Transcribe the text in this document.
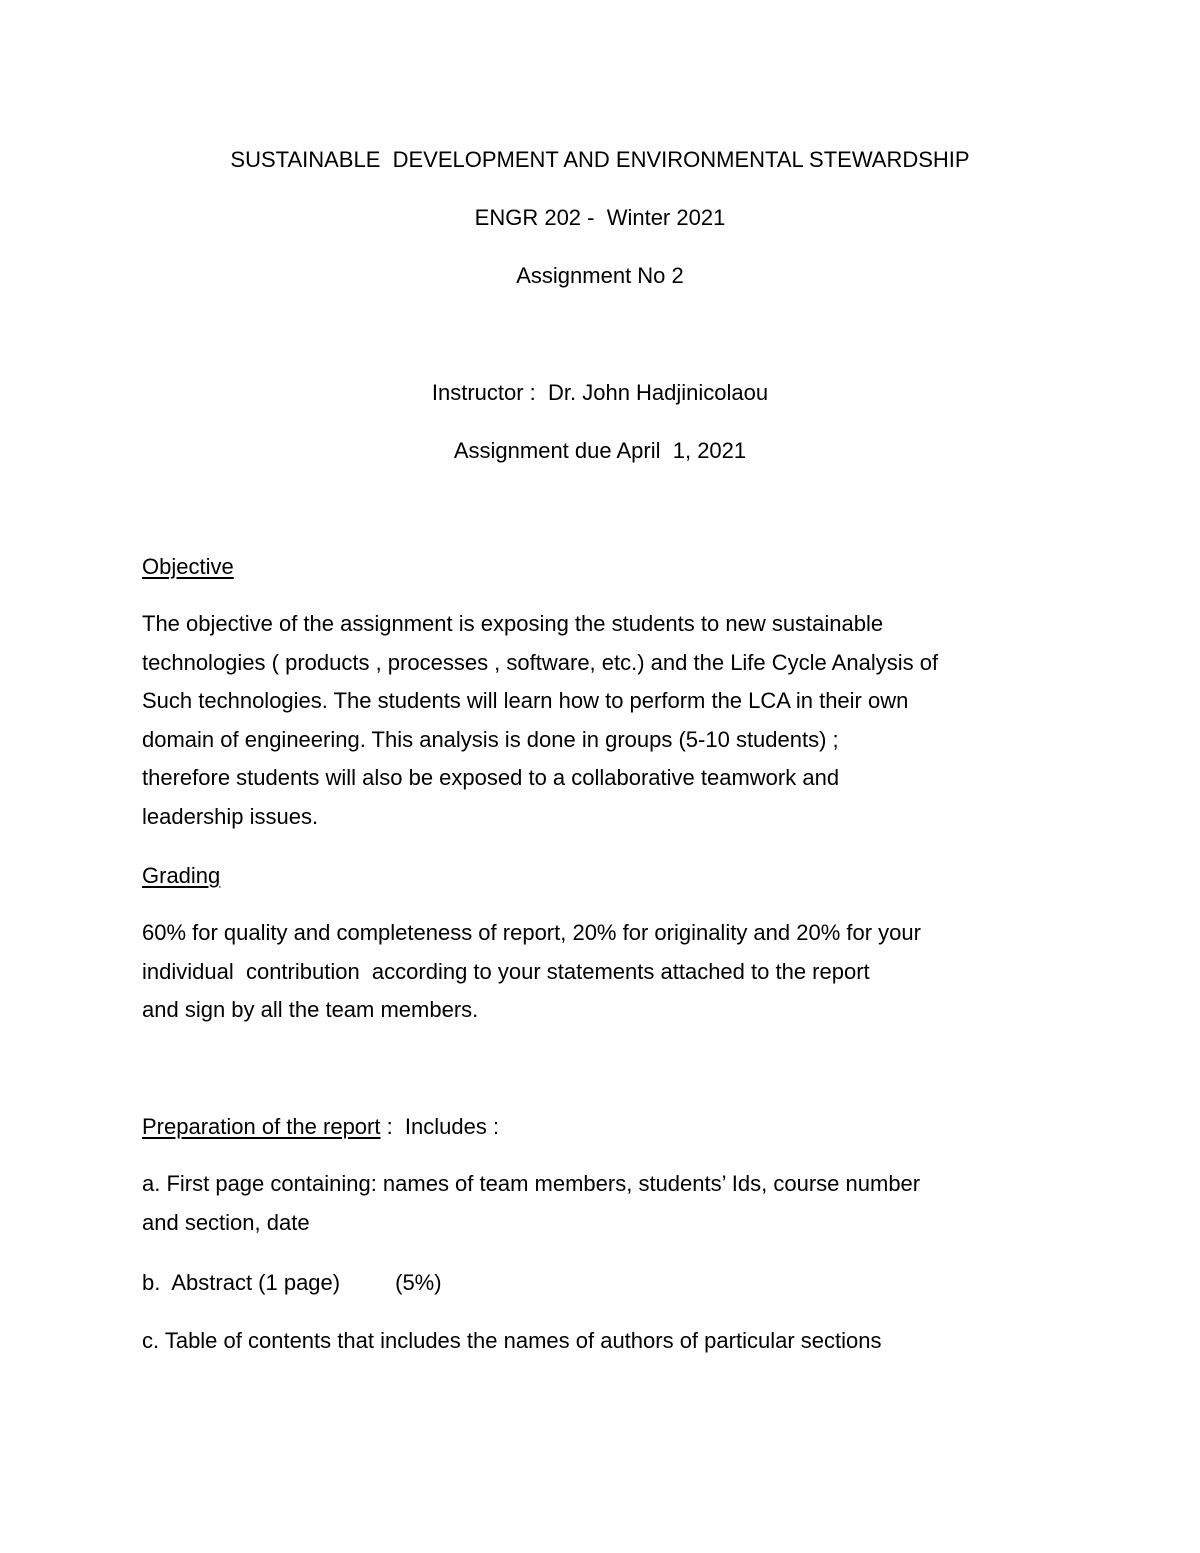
SUSTAINABLE  DEVELOPMENT AND ENVIRONMENTAL STEWARDSHIP
ENGR 202 -  Winter 2021
Assignment No 2
Instructor :  Dr. John Hadjinicolaou
Assignment due April  1, 2021
Objective
The objective of the assignment is exposing the students to new sustainable
technologies ( products , processes , software, etc.) and the Life Cycle Analysis of
Such technologies. The students will learn how to perform the LCA in their own
domain of engineering. This analysis is done in groups (5-10 students) ;
therefore students will also be exposed to a collaborative teamwork and
leadership issues.
Grading
60% for quality and completeness of report, 20% for originality and 20% for your
individual  contribution  according to your statements attached to the report
and sign by all the team members.
Preparation of the report :  Includes :
a. First page containing: names of team members, students’ Ids, course number
and section, date
b.  Abstract (1 page)         (5%)
c. Table of contents that includes the names of authors of particular sections
